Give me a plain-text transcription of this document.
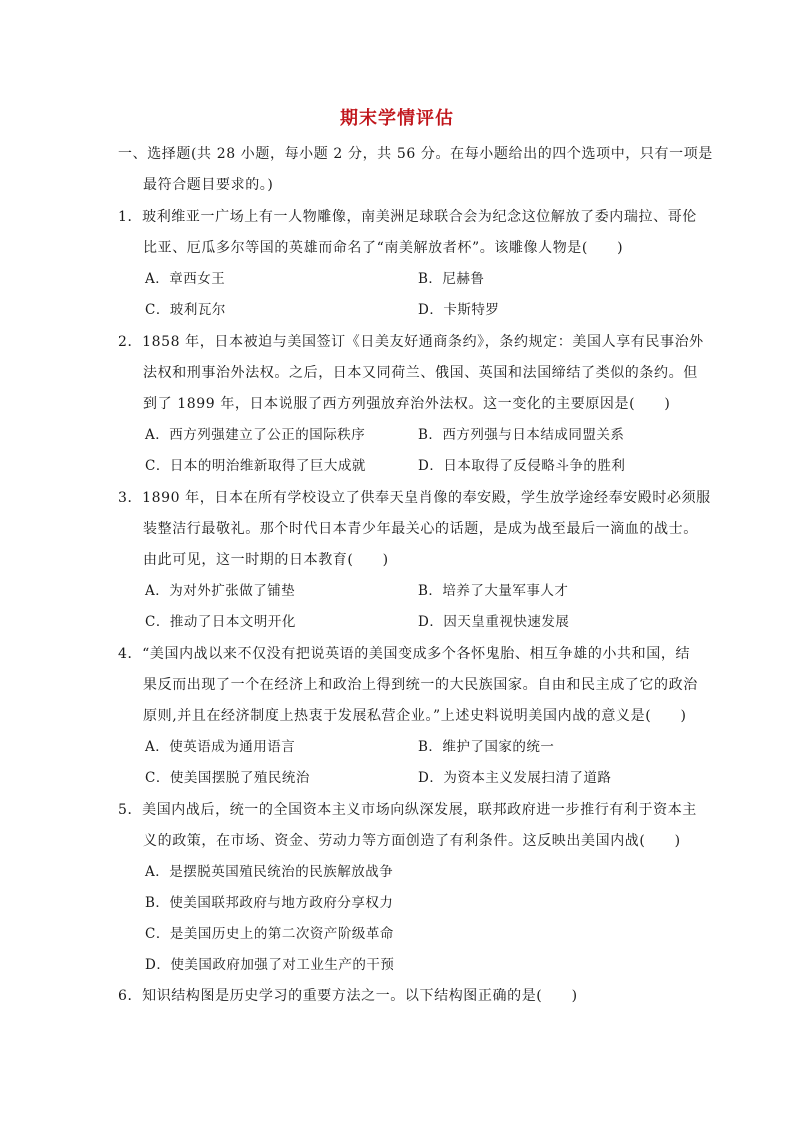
期末学情评估
一、选择题(共 28 小题，每小题 2 分，共 56 分。在每小题给出的四个选项中，只有一项是
最符合题目要求的。)
1．玻利维亚一广场上有一人物雕像，南美洲足球联合会为纪念这位解放了委内瑞拉、哥伦
比亚、厄瓜多尔等国的英雄而命名了“南美解放者杯”。该雕像人物是(　　)
A．章西女王	B．尼赫鲁
C．玻利瓦尔	D．卡斯特罗
2．1858 年，日本被迫与美国签订《日美友好通商条约》，条约规定：美国人享有民事治外
法权和刑事治外法权。之后，日本又同荷兰、俄国、英国和法国缔结了类似的条约。但
到了 1899 年，日本说服了西方列强放弃治外法权。这一变化的主要原因是(　　)
A．西方列强建立了公正的国际秩序	B．西方列强与日本结成同盟关系
C．日本的明治维新取得了巨大成就	D．日本取得了反侵略斗争的胜利
3．1890 年，日本在所有学校设立了供奉天皇肖像的奉安殿，学生放学途经奉安殿时必须服
装整洁行最敬礼。那个时代日本青少年最关心的话题，是成为战至最后一滴血的战士。
由此可见，这一时期的日本教育(　　)
A．为对外扩张做了铺垫	B．培养了大量军事人才
C．推动了日本文明开化	D．因天皇重视快速发展
4．“美国内战以来不仅没有把说英语的美国变成多个各怀鬼胎、相互争雄的小共和国，结
果反而出现了一个在经济上和政治上得到统一的大民族国家。自由和民主成了它的政治
原则,并且在经济制度上热衷于发展私营企业。”上述史料说明美国内战的意义是(　　)
A．使英语成为通用语言	B．维护了国家的统一
C．使美国摆脱了殖民统治	D．为资本主义发展扫清了道路
5．美国内战后，统一的全国资本主义市场向纵深发展，联邦政府进一步推行有利于资本主
义的政策，在市场、资金、劳动力等方面创造了有利条件。这反映出美国内战(　　)
A．是摆脱英国殖民统治的民族解放战争
B．使美国联邦政府与地方政府分享权力
C．是美国历史上的第二次资产阶级革命
D．使美国政府加强了对工业生产的干预
6．知识结构图是历史学习的重要方法之一。以下结构图正确的是(　　)
